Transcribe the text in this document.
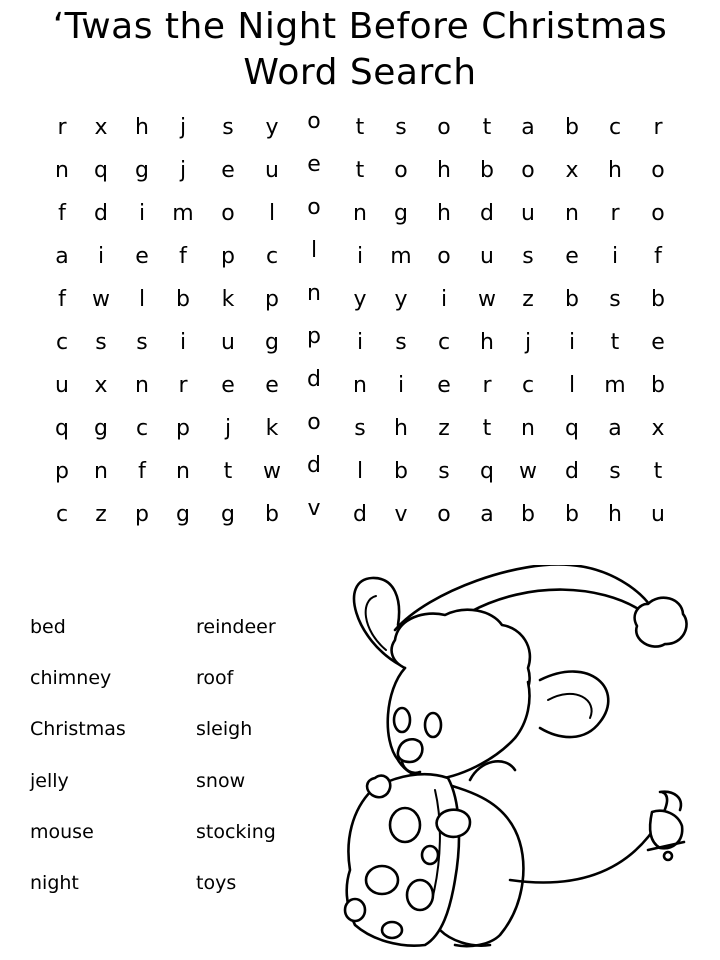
‘Twas the Night Before Christmas
Word Search
r	x	h	j	s	y	o	t	s	o	t	a	b	c	r
n	q	g	j	e	u	e	t	o	h	b	o	x	h	o
f	d	i	m	o	l	o	n	g	h	d	u	n	r	o
a	i	e	f	p	c	l	i	m	o	u	s	e	i	f
f	w	l	b	k	p	n	y	y	i	w	z	b	s	b
c	s	s	i	u	g	p	i	s	c	h	j	i	t	e
u	x	n	r	e	e	d	n	i	e	r	c	l	m	b
q	g	c	p	j	k	o	s	h	z	t	n	q	a	x
p	n	f	n	t	w	d	l	b	s	q	w	d	s	t
c	z	p	g	g	b	v	d	v	o	a	b	b	h	u
bed
chimney
Christmas
jelly
mouse
night
reindeer
roof
sleigh
snow
stocking
toys
